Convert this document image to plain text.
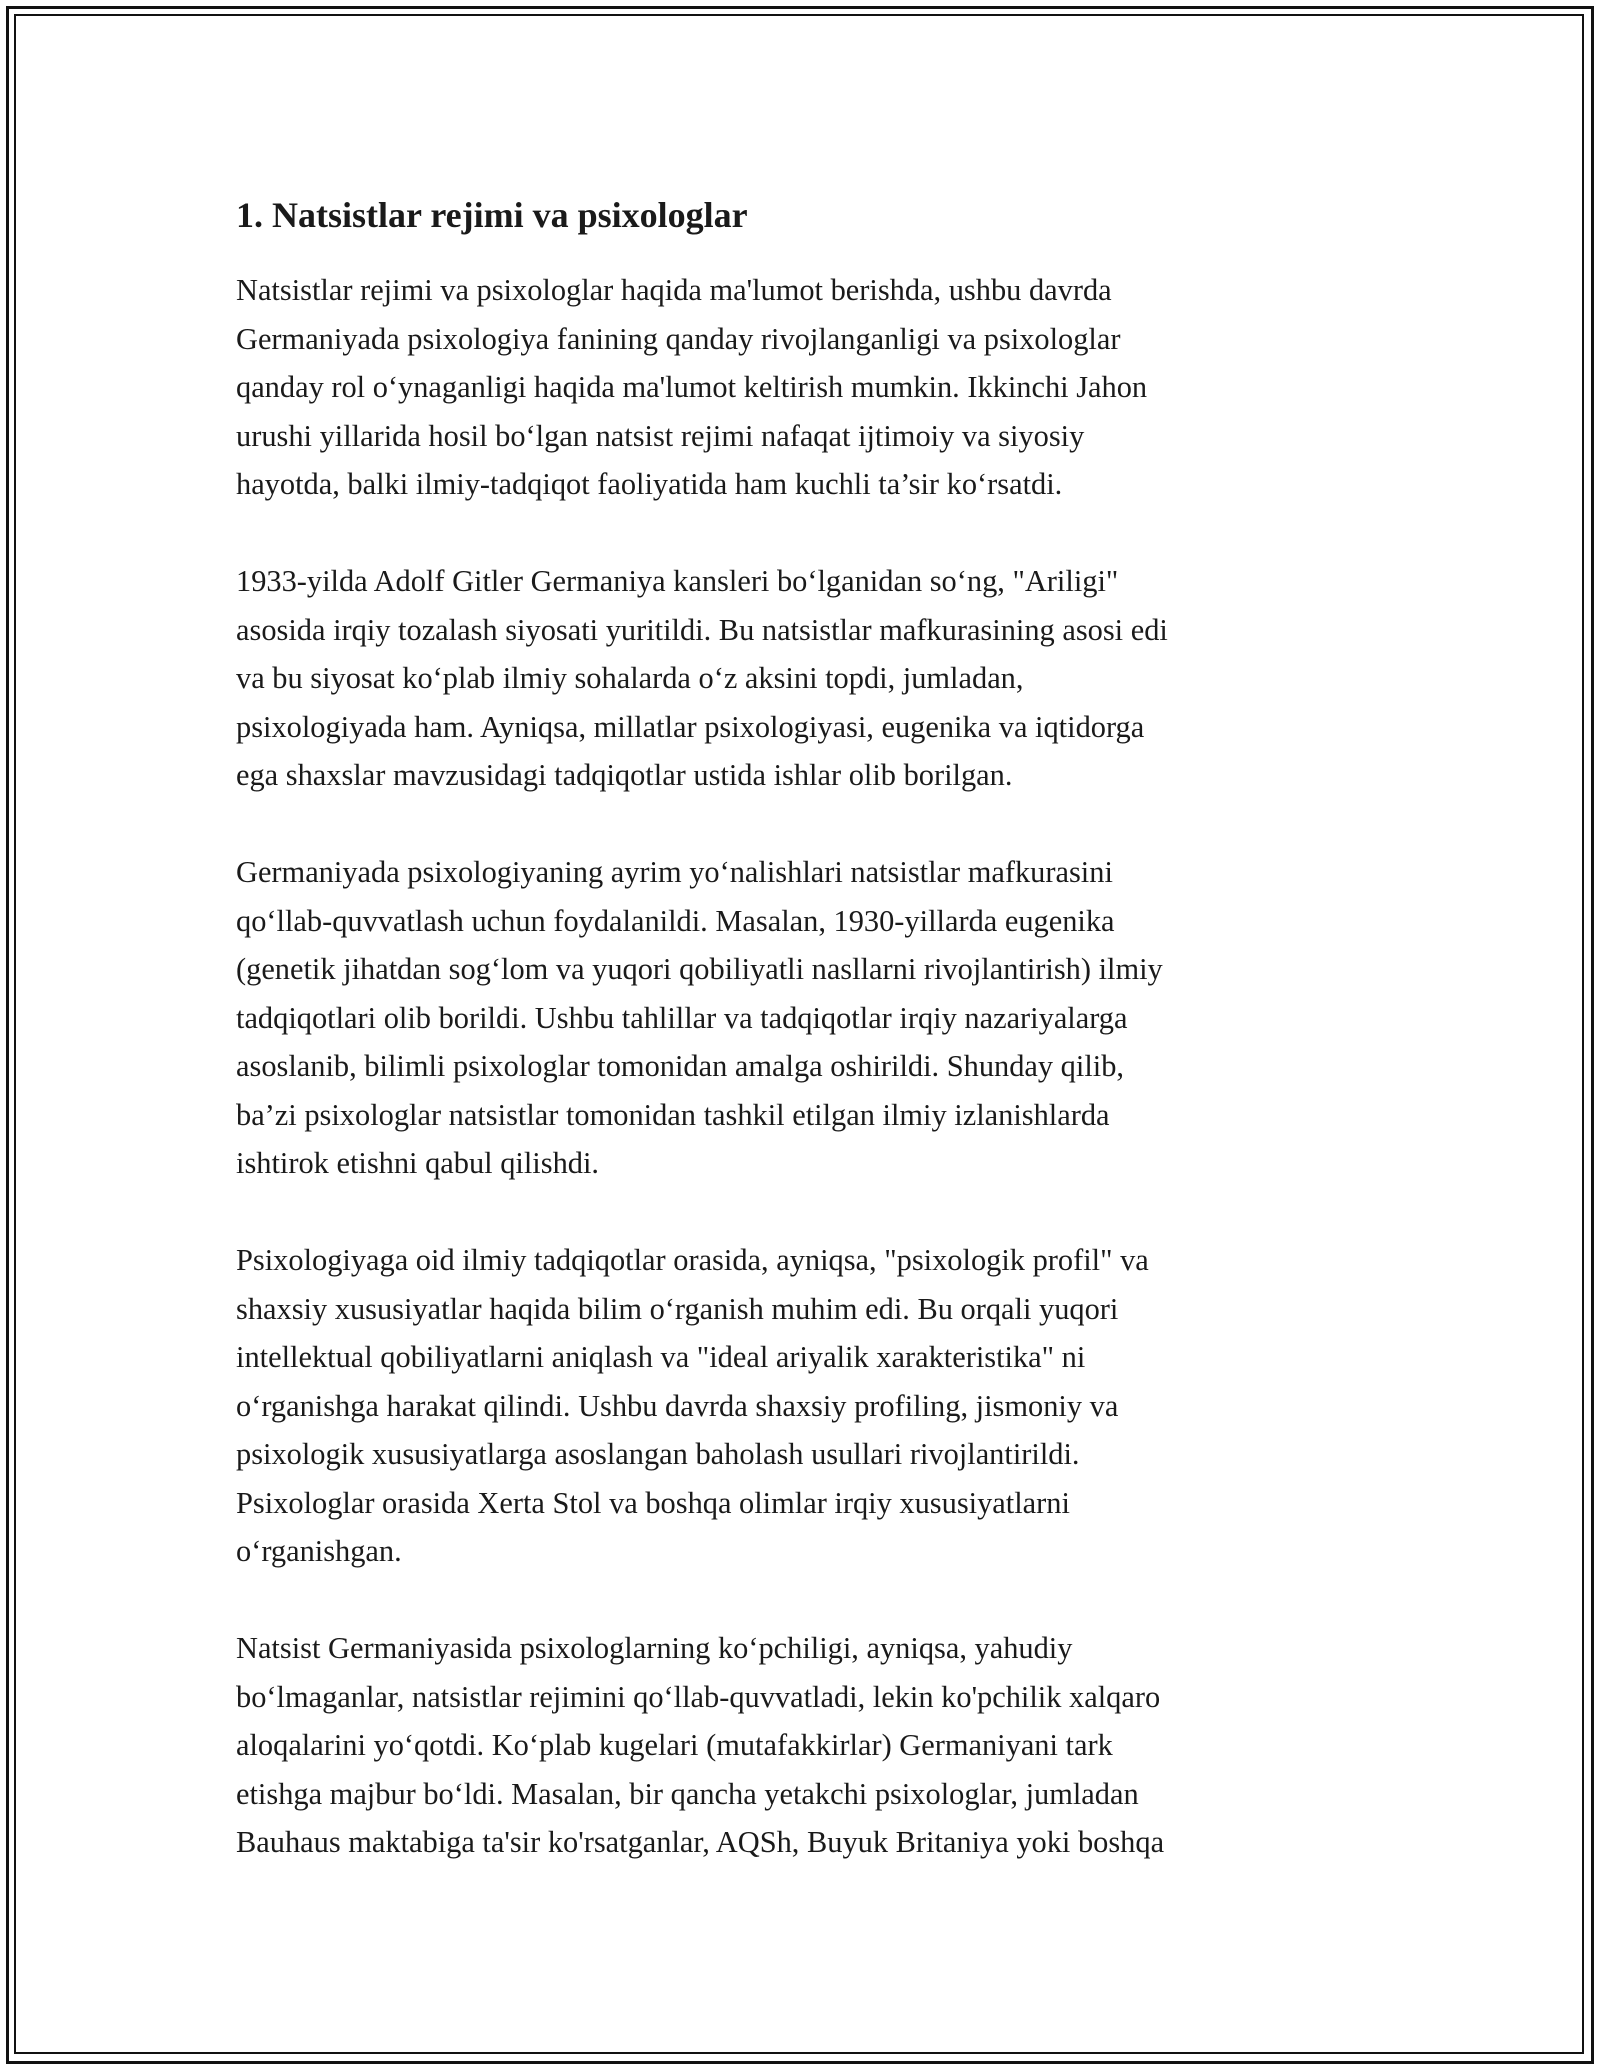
1. Natsistlar rejimi va psixologlar

Natsistlar rejimi va psixologlar haqida ma'lumot berishda, ushbu davrda
Germaniyada psixologiya fanining qanday rivojlanganligi va psixologlar
qanday rol o‘ynaganligi haqida ma'lumot keltirish mumkin. Ikkinchi Jahon
urushi yillarida hosil bo‘lgan natsist rejimi nafaqat ijtimoiy va siyosiy
hayotda, balki ilmiy-tadqiqot faoliyatida ham kuchli ta’sir ko‘rsatdi.

1933-yilda Adolf Gitler Germaniya kansleri bo‘lganidan so‘ng, "Ariligi"
asosida irqiy tozalash siyosati yuritildi. Bu natsistlar mafkurasining asosi edi
va bu siyosat ko‘plab ilmiy sohalarda o‘z aksini topdi, jumladan,
psixologiyada ham. Ayniqsa, millatlar psixologiyasi, eugenika va iqtidorga
ega shaxslar mavzusidagi tadqiqotlar ustida ishlar olib borilgan.

Germaniyada psixologiyaning ayrim yo‘nalishlari natsistlar mafkurasini
qo‘llab-quvvatlash uchun foydalanildi. Masalan, 1930-yillarda eugenika
(genetik jihatdan sog‘lom va yuqori qobiliyatli nasllarni rivojlantirish) ilmiy
tadqiqotlari olib borildi. Ushbu tahlillar va tadqiqotlar irqiy nazariyalarga
asoslanib, bilimli psixologlar tomonidan amalga oshirildi. Shunday qilib,
ba’zi psixologlar natsistlar tomonidan tashkil etilgan ilmiy izlanishlarda
ishtirok etishni qabul qilishdi.

Psixologiyaga oid ilmiy tadqiqotlar orasida, ayniqsa, "psixologik profil" va
shaxsiy xususiyatlar haqida bilim o‘rganish muhim edi. Bu orqali yuqori
intellektual qobiliyatlarni aniqlash va "ideal ariyalik xarakteristika" ni
o‘rganishga harakat qilindi. Ushbu davrda shaxsiy profiling, jismoniy va
psixologik xususiyatlarga asoslangan baholash usullari rivojlantirildi.
Psixologlar orasida Xerta Stol va boshqa olimlar irqiy xususiyatlarni
o‘rganishgan.

Natsist Germaniyasida psixologlarning ko‘pchiligi, ayniqsa, yahudiy
bo‘lmaganlar, natsistlar rejimini qo‘llab-quvvatladi, lekin ko'pchilik xalqaro
aloqalarini yo‘qotdi. Ko‘plab kugelari (mutafakkirlar) Germaniyani tark
etishga majbur bo‘ldi. Masalan, bir qancha yetakchi psixologlar, jumladan
Bauhaus maktabiga ta'sir ko'rsatganlar, AQSh, Buyuk Britaniya yoki boshqa
